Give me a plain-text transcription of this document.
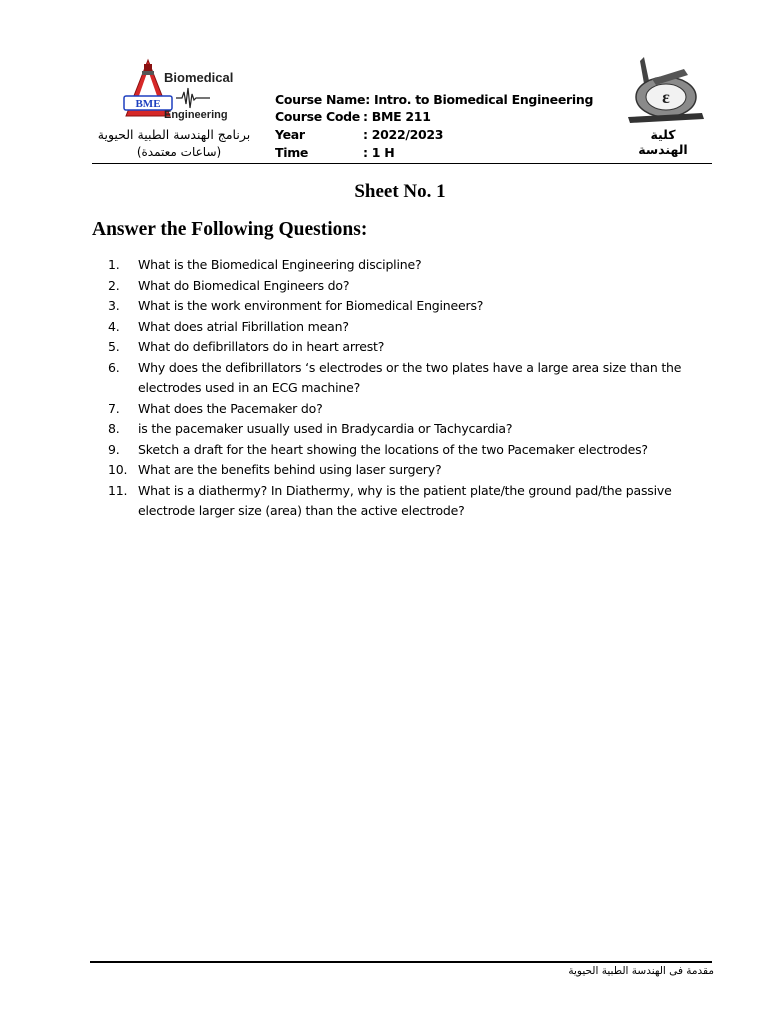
BME
Biomedical
Engineering
برنامج الهندسة الطبية الحيوية
(ساعات معتمدة)
Course Name: Intro. to Biomedical Engineering
Course Code : BME 211
Year	: 2022/2023
Time	: 1 H
ε
كلية الهندسة
Sheet No. 1
Answer the Following Questions:
1.	What is the Biomedical Engineering discipline?
2.	What do Biomedical Engineers do?
3.	What is the work environment for Biomedical Engineers?
4.	What does atrial Fibrillation mean?
5.	What do defibrillators do in heart arrest?
6.	Why does the defibrillators ‘s electrodes or the two plates have a large area size than the electrodes used in an ECG machine?
7.	What does the Pacemaker do?
8.	is the pacemaker usually used in Bradycardia or Tachycardia?
9.	Sketch a draft for the heart showing the locations of the two Pacemaker electrodes?
10. What are the benefits behind using laser surgery?
11. What is a diathermy? In Diathermy, why is the patient plate/the ground pad/the passive electrode larger size (area) than the active electrode?
مقدمة فى الهندسة الطبية الحيوية
